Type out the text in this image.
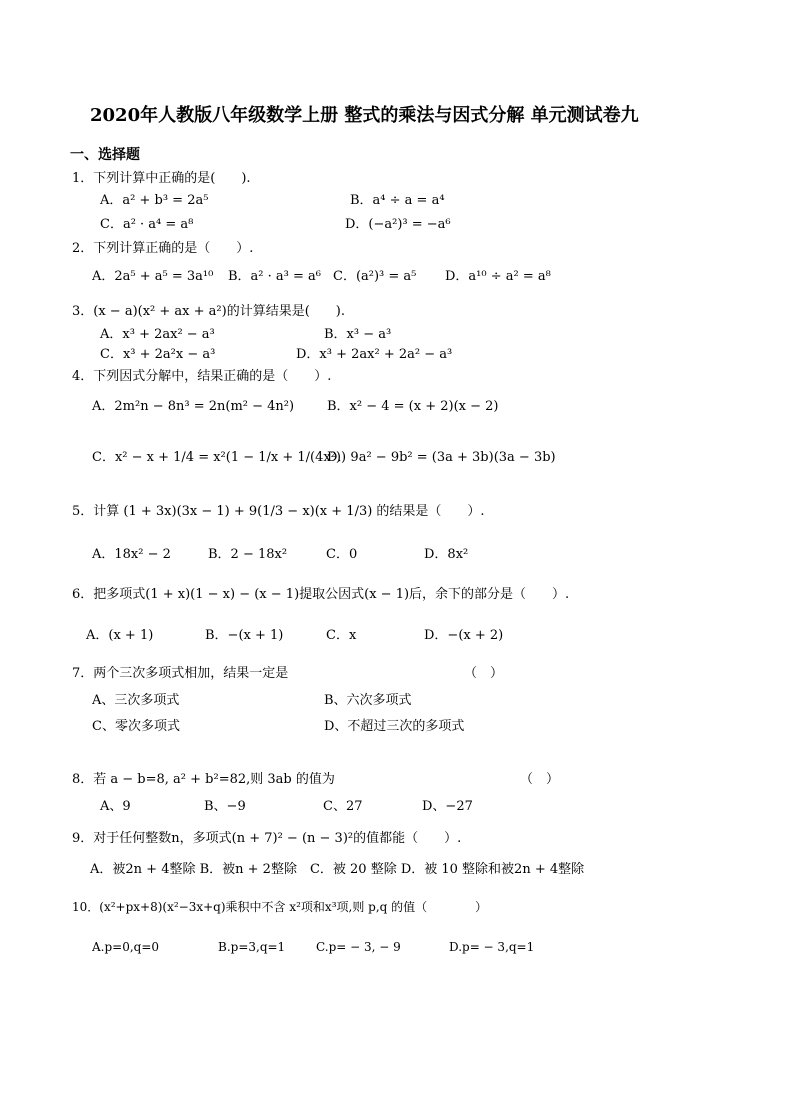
2020年人教版八年级数学上册 整式的乘法与因式分解 单元测试卷九
一、选择题
1．下列计算中正确的是(　　).
A．a² + b³ = 2a⁵	B．a⁴ ÷ a = a⁴
C．a² · a⁴ = a⁸	D．(−a²)³ = −a⁶
2．下列计算正确的是（　　）.
A．2a⁵ + a⁵ = 3a¹⁰ B．a² · a³ = a⁶ C．(a²)³ = a⁵ D．a¹⁰ ÷ a² = a⁸
3．(x − a)(x² + ax + a²)的计算结果是(　　).
A．x³ + 2ax² − a³	B．x³ − a³
C．x³ + 2a²x − a³	D．x³ + 2ax² + 2a² − a³
4．下列因式分解中，结果正确的是（　　）.
A．2m²n − 8n³ = 2n(m² − 4n²)	B．x² − 4 = (x + 2)(x − 2)
C．x² − x + 1/4 = x²(1 − 1/x + 1/(4x²))
D．9a² − 9b² = (3a + 3b)(3a − 3b)
5．计算 (1 + 3x)(3x − 1) + 9(1/3 − x)(x + 1/3) 的结果是（　　）.
A．18x² − 2	B．2 − 18x²	C．0	D．8x²
6．把多项式(1 + x)(1 − x) − (x − 1)提取公因式(x − 1)后，余下的部分是（　　）.
A．(x + 1)	B．−(x + 1)	C．x	D．−(x + 2)
7．两个三次多项式相加，结果一定是	（　）
A、三次多项式	B、六次多项式
C、零次多项式	D、不超过三次的多项式
8．若 a − b=8, a² + b²=82,则 3ab 的值为	（　）
A、9	B、−9	C、27	D、−27
9．对于任何整数n，多项式(n + 7)² − (n − 3)²的值都能（　　）.
A．被2n + 4整除 B．被n + 2整除　C．被 20 整除 D．被 10 整除和被2n + 4整除
10．(x²+px+8)(x²−3x+q)乘积中不含 x²项和x³项,则 p,q 的值（　　　　）
A.p=0,q=0	B.p=3,q=1	C.p= − 3, − 9	D.p= − 3,q=1
